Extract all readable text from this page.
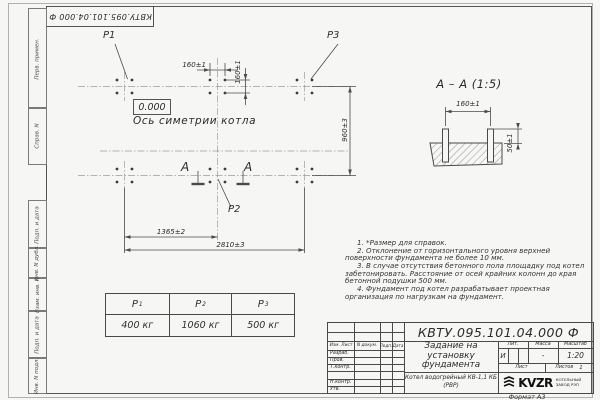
КВТУ.095.101.04.000 Ф
Перв. примен.
Справ. N
Подп. и дата
Инв. N дубл.
Взам. инв. N
Подп. и дата
Инв. N подл.
Р1	Р3
Р2
160±1	160±1
960±3
1365±2
2810±3
0.000
Ось симетрии котла
А	А
А – А (1:5)
160±1
50±1

1. *Размер для справок.

2. Отклонение от горизонтального уровня верхней поверхности фундамента не более 10 мм.

3. В случае отсутствия бетонного пола площадку под котел забетонировать. Расстояние от осей крайних колонн до края бетонной подушки 500 мм.

4. Фундамент под котел разрабатывает проектная организация по нагрузкам на фундамент.

Р 1	Р 2	Р 3
400 кг	1060 кг	500 кг
Изм. Лист N докум. Подп. Дата
Разраб.
Пров.
Т.контр.
Н.контр.
Утв.
КВТУ.095.101.04.000 Ф
Задание на установку фундамента
Котел водогрейный КВ-1,1 КБ (РВР)
Лит.	Масса	Масштаб
И	-	1:20
Лист	Листов 1
KVZR КОТЕЛЬНЫЙ ЗАВОД РЭП
Формат А3
